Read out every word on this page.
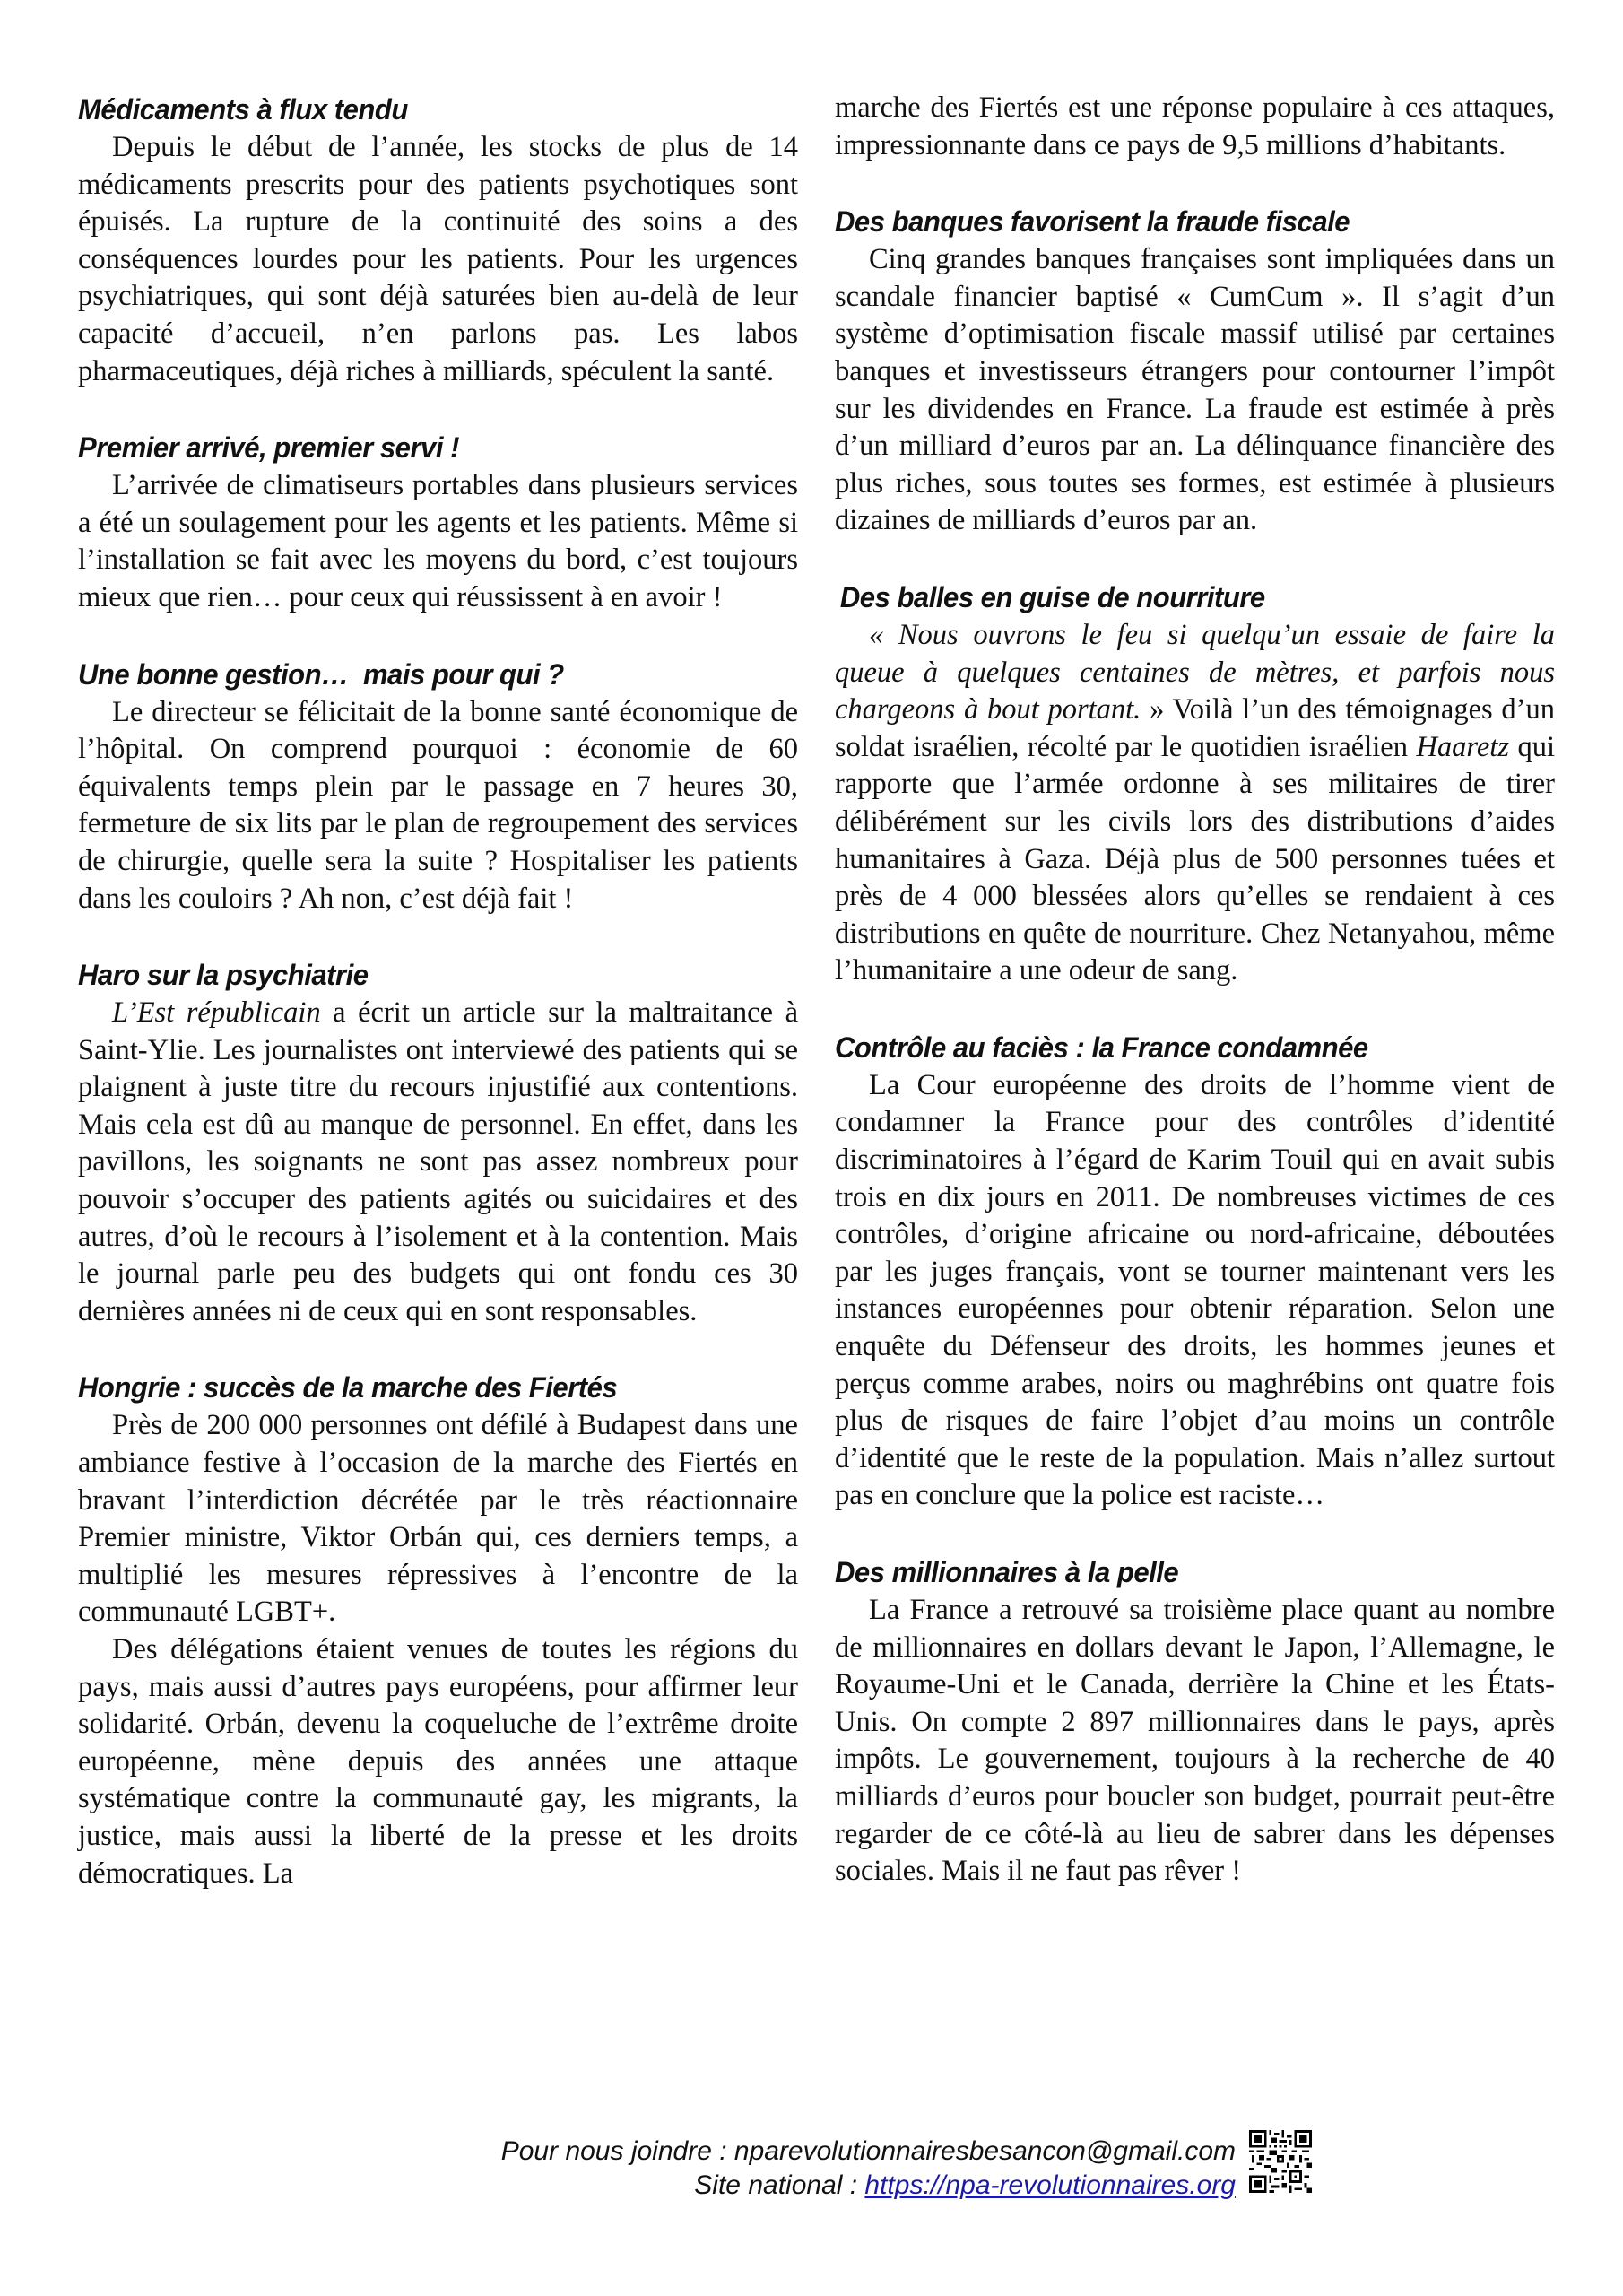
Médicaments à flux tendu

Depuis le début de l’année, les stocks de plus de 14 médicaments prescrits pour des patients psychotiques sont épuisés. La rupture de la continuité des soins a des conséquences lourdes pour les patients. Pour les urgences psychiatriques, qui sont déjà saturées bien au-delà de leur capacité d’accueil, n’en parlons pas. Les labos pharmaceutiques, déjà riches à milliards, spéculent la santé.

Premier arrivé, premier servi !

L’arrivée de climatiseurs portables dans plusieurs services a été un soulagement pour les agents et les patients. Même si l’installation se fait avec les moyens du bord, c’est toujours mieux que rien… pour ceux qui réussissent à en avoir !

Une bonne gestion…  mais pour qui ?

Le directeur se félicitait de la bonne santé économique de l’hôpital. On comprend pourquoi : économie de 60 équivalents temps plein par le passage en 7 heures 30, fermeture de six lits par le plan de regroupement des services de chirurgie, quelle sera la suite ? Hospitaliser les patients dans les couloirs ? Ah non, c’est déjà fait !

Haro sur la psychiatrie

L’Est républicain a écrit un article sur la maltraitance à Saint-Ylie. Les journalistes ont interviewé des patients qui se plaignent à juste titre du recours injustifié aux contentions. Mais cela est dû au manque de personnel. En effet, dans les pavillons, les soignants ne sont pas assez nombreux pour pouvoir s’occuper des patients agités ou suicidaires et des autres, d’où le recours à l’isolement et à la contention. Mais le journal parle peu des budgets qui ont fondu ces 30 dernières années ni de ceux qui en sont responsables.

Hongrie : succès de la marche des Fiertés

Près de 200 000 personnes ont défilé à Budapest dans une ambiance festive à l’occasion de la marche des Fiertés en bravant l’interdiction décrétée par le très réactionnaire Premier ministre, Viktor Orbán qui, ces derniers temps, a multiplié les mesures répressives à l’encontre de la communauté LGBT+.

Des délégations étaient venues de toutes les régions du pays, mais aussi d’autres pays européens, pour affirmer leur solidarité. Orbán, devenu la coqueluche de l’extrême droite européenne, mène depuis des années une attaque systématique contre la communauté gay, les migrants, la justice, mais aussi la liberté de la presse et les droits démocratiques. La

marche des Fiertés est une réponse populaire à ces attaques, impressionnante dans ce pays de 9,5 millions d’habitants.

Des banques favorisent la fraude fiscale

Cinq grandes banques françaises sont impliquées dans un scandale financier baptisé « CumCum ». Il s’agit d’un système d’optimisation fiscale massif utilisé par certaines banques et investisseurs étrangers pour contourner l’impôt sur les dividendes en France. La fraude est estimée à près d’un milliard d’euros par an. La délinquance financière des plus riches, sous toutes ses formes, est estimée à plusieurs dizaines de milliards d’euros par an.

Des balles en guise de nourriture

« Nous ouvrons le feu si quelqu’un essaie de faire la queue à quelques centaines de mètres, et parfois nous chargeons à bout portant. » Voilà l’un des témoignages d’un soldat israélien, récolté par le quotidien israélien Haaretz qui rapporte que l’armée ordonne à ses militaires de tirer délibérément sur les civils lors des distributions d’aides humanitaires à Gaza. Déjà plus de 500 personnes tuées et près de 4 000 blessées alors qu’elles se rendaient à ces distributions en quête de nourriture. Chez Netanyahou, même l’humanitaire a une odeur de sang.

Contrôle au faciès : la France condamnée

La Cour européenne des droits de l’homme vient de condamner la France pour des contrôles d’identité discriminatoires à l’égard de Karim Touil qui en avait subis trois en dix jours en 2011. De nombreuses victimes de ces contrôles, d’origine africaine ou nord-africaine, déboutées par les juges français, vont se tourner maintenant vers les instances européennes pour obtenir réparation. Selon une enquête du Défenseur des droits, les hommes jeunes et perçus comme arabes, noirs ou maghrébins ont quatre fois plus de risques de faire l’objet d’au moins un contrôle d’identité que le reste de la population. Mais n’allez surtout pas en conclure que la police est raciste…

Des millionnaires à la pelle

La France a retrouvé sa troisième place quant au nombre de millionnaires en dollars devant le Japon, l’Allemagne, le Royaume-Uni et le Canada, derrière la Chine et les États-Unis. On compte 2 897 millionnaires dans le pays, après impôts. Le gouvernement, toujours à la recherche de 40 milliards d’euros pour boucler son budget, pourrait peut-être regarder de ce côté-là au lieu de sabrer dans les dépenses sociales. Mais il ne faut pas rêver !

Pour nous joindre : nparevolutionnairesbesancon@gmail.com
Site national : https://npa-revolutionnaires.org
